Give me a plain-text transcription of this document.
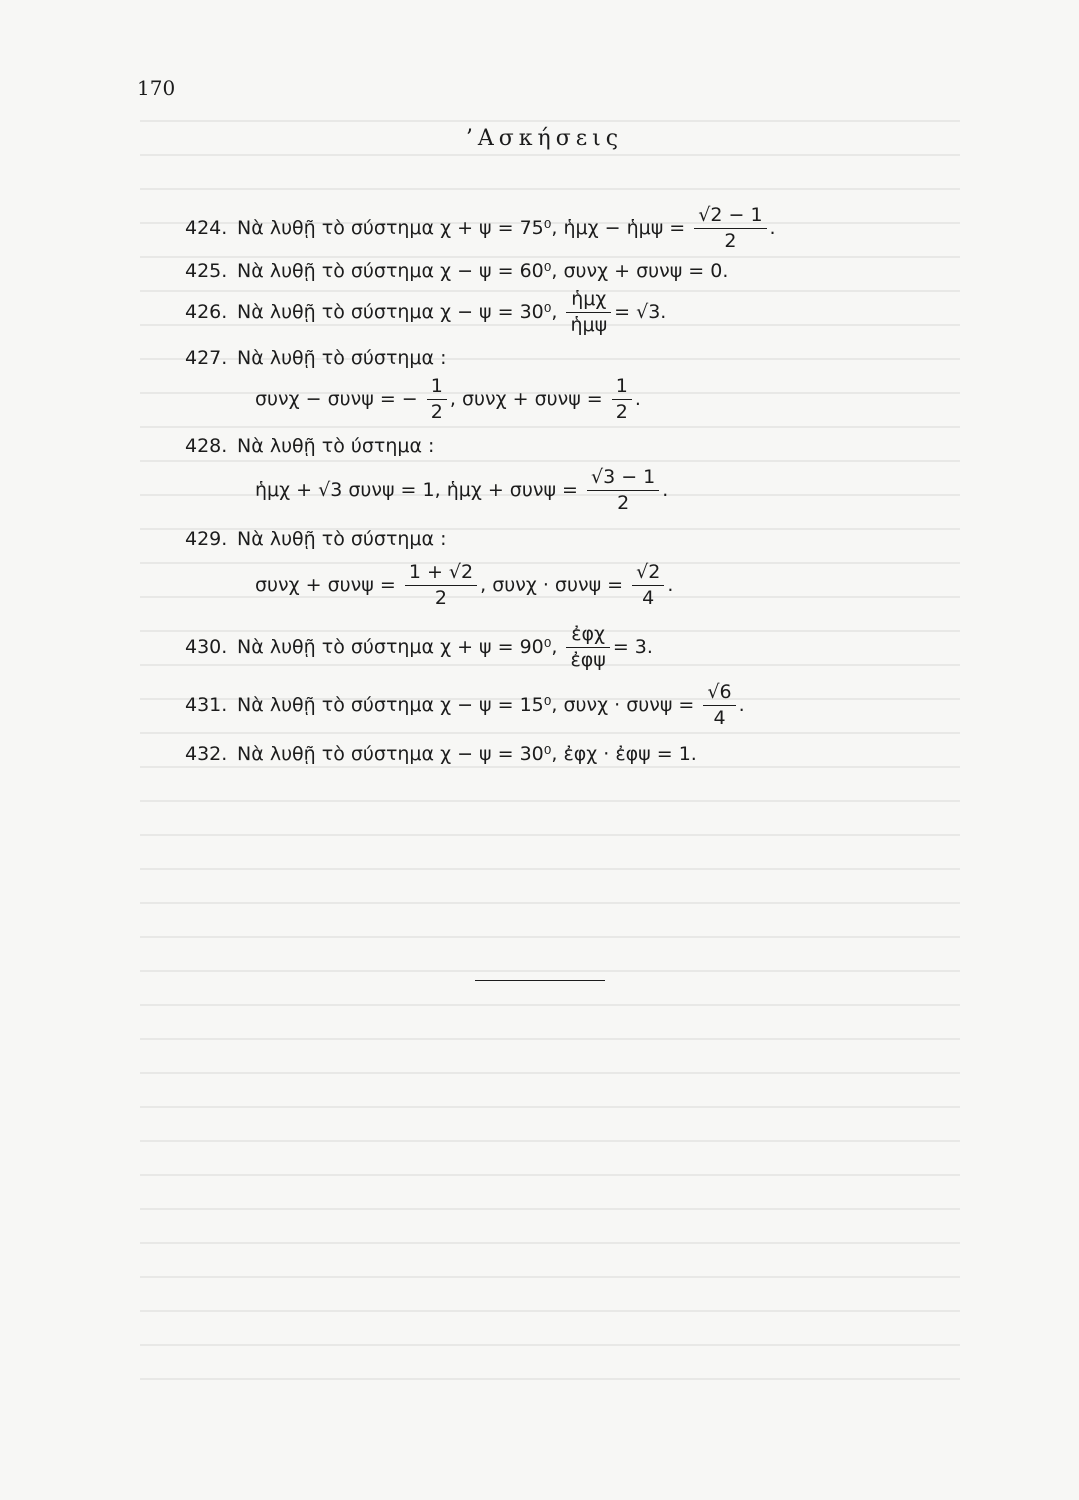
170
’Ασκήσεις
424. Νὰ λυθῇ τὸ σύστημα χ + ψ = 75⁰, ἡμχ − ἡμψ = $\frac{√2 - 1}{2}$ .
425. Νὰ λυθῇ τὸ σύστημα χ − ψ = 60⁰, συνχ + συνψ = 0.
426. Νὰ λυθῇ τὸ σύστημα χ − ψ = 30⁰, $\frac{\text{ἡμχ}}{\text{ἡμψ}} = √3$.
427. Νὰ λυθῇ τὸ σύστημα :
συνχ − συνψ = − $\frac{1}{2}$ , $\sigma\upsilon\nu\chi + \sigma\upsilon\nu\psi = \frac{1}{2}$ .
428. Νὰ λυθῇ τὸ ύστημα :
ἡμχ + √3 συνψ = 1, ἡμχ + $\sigma\upsilon\nu\psi = \frac{√3 - 1}{2}$ .
429. Νὰ λυθῇ τὸ σύστημα :
$\sigma\upsilon\nu\chi + \sigma\upsilon\nu\psi = \frac{1 + √2}{2}$ , $\sigma\upsilon\nu\chi \cdot \sigma\upsilon\nu\psi = \frac{√2}{4}$ .
430. Νὰ λυθῇ τὸ σύστημα χ + ψ = 90⁰, $\frac{\text{ἐφχ}}{\text{ἐφψ}} = 3$.
431. Νὰ λυθῇ τὸ σύστημα χ − ψ = 15⁰, $\sigma\upsilon\nu\chi \cdot \sigma\upsilon\nu\psi = \frac{√6}{4}$ .
432. Νὰ λυθῇ τὸ σύστημα χ − ψ = 30⁰, ἐφχ · ἐφψ = 1.
